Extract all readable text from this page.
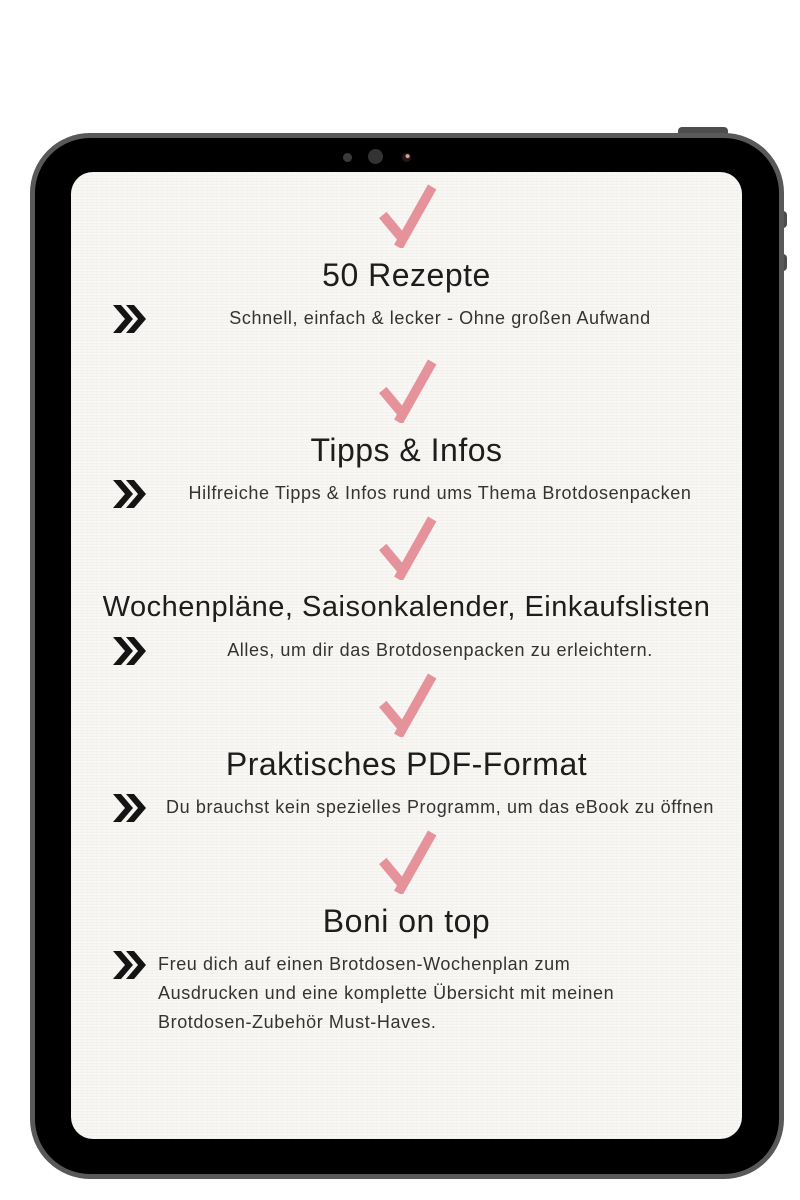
50 Rezepte
Schnell, einfach & lecker - Ohne großen Aufwand
Tipps & Infos
Hilfreiche Tipps & Infos rund ums Thema Brotdosenpacken
Wochenpläne, Saisonkalender, Einkaufslisten
Alles, um dir das Brotdosenpacken zu erleichtern.
Praktisches PDF-Format
Du brauchst kein spezielles Programm, um das eBook zu öffnen
Boni on top
Freu dich auf einen Brotdosen-Wochenplan zum Ausdrucken und eine komplette Übersicht mit meinen Brotdosen-Zubehör Must-Haves.
